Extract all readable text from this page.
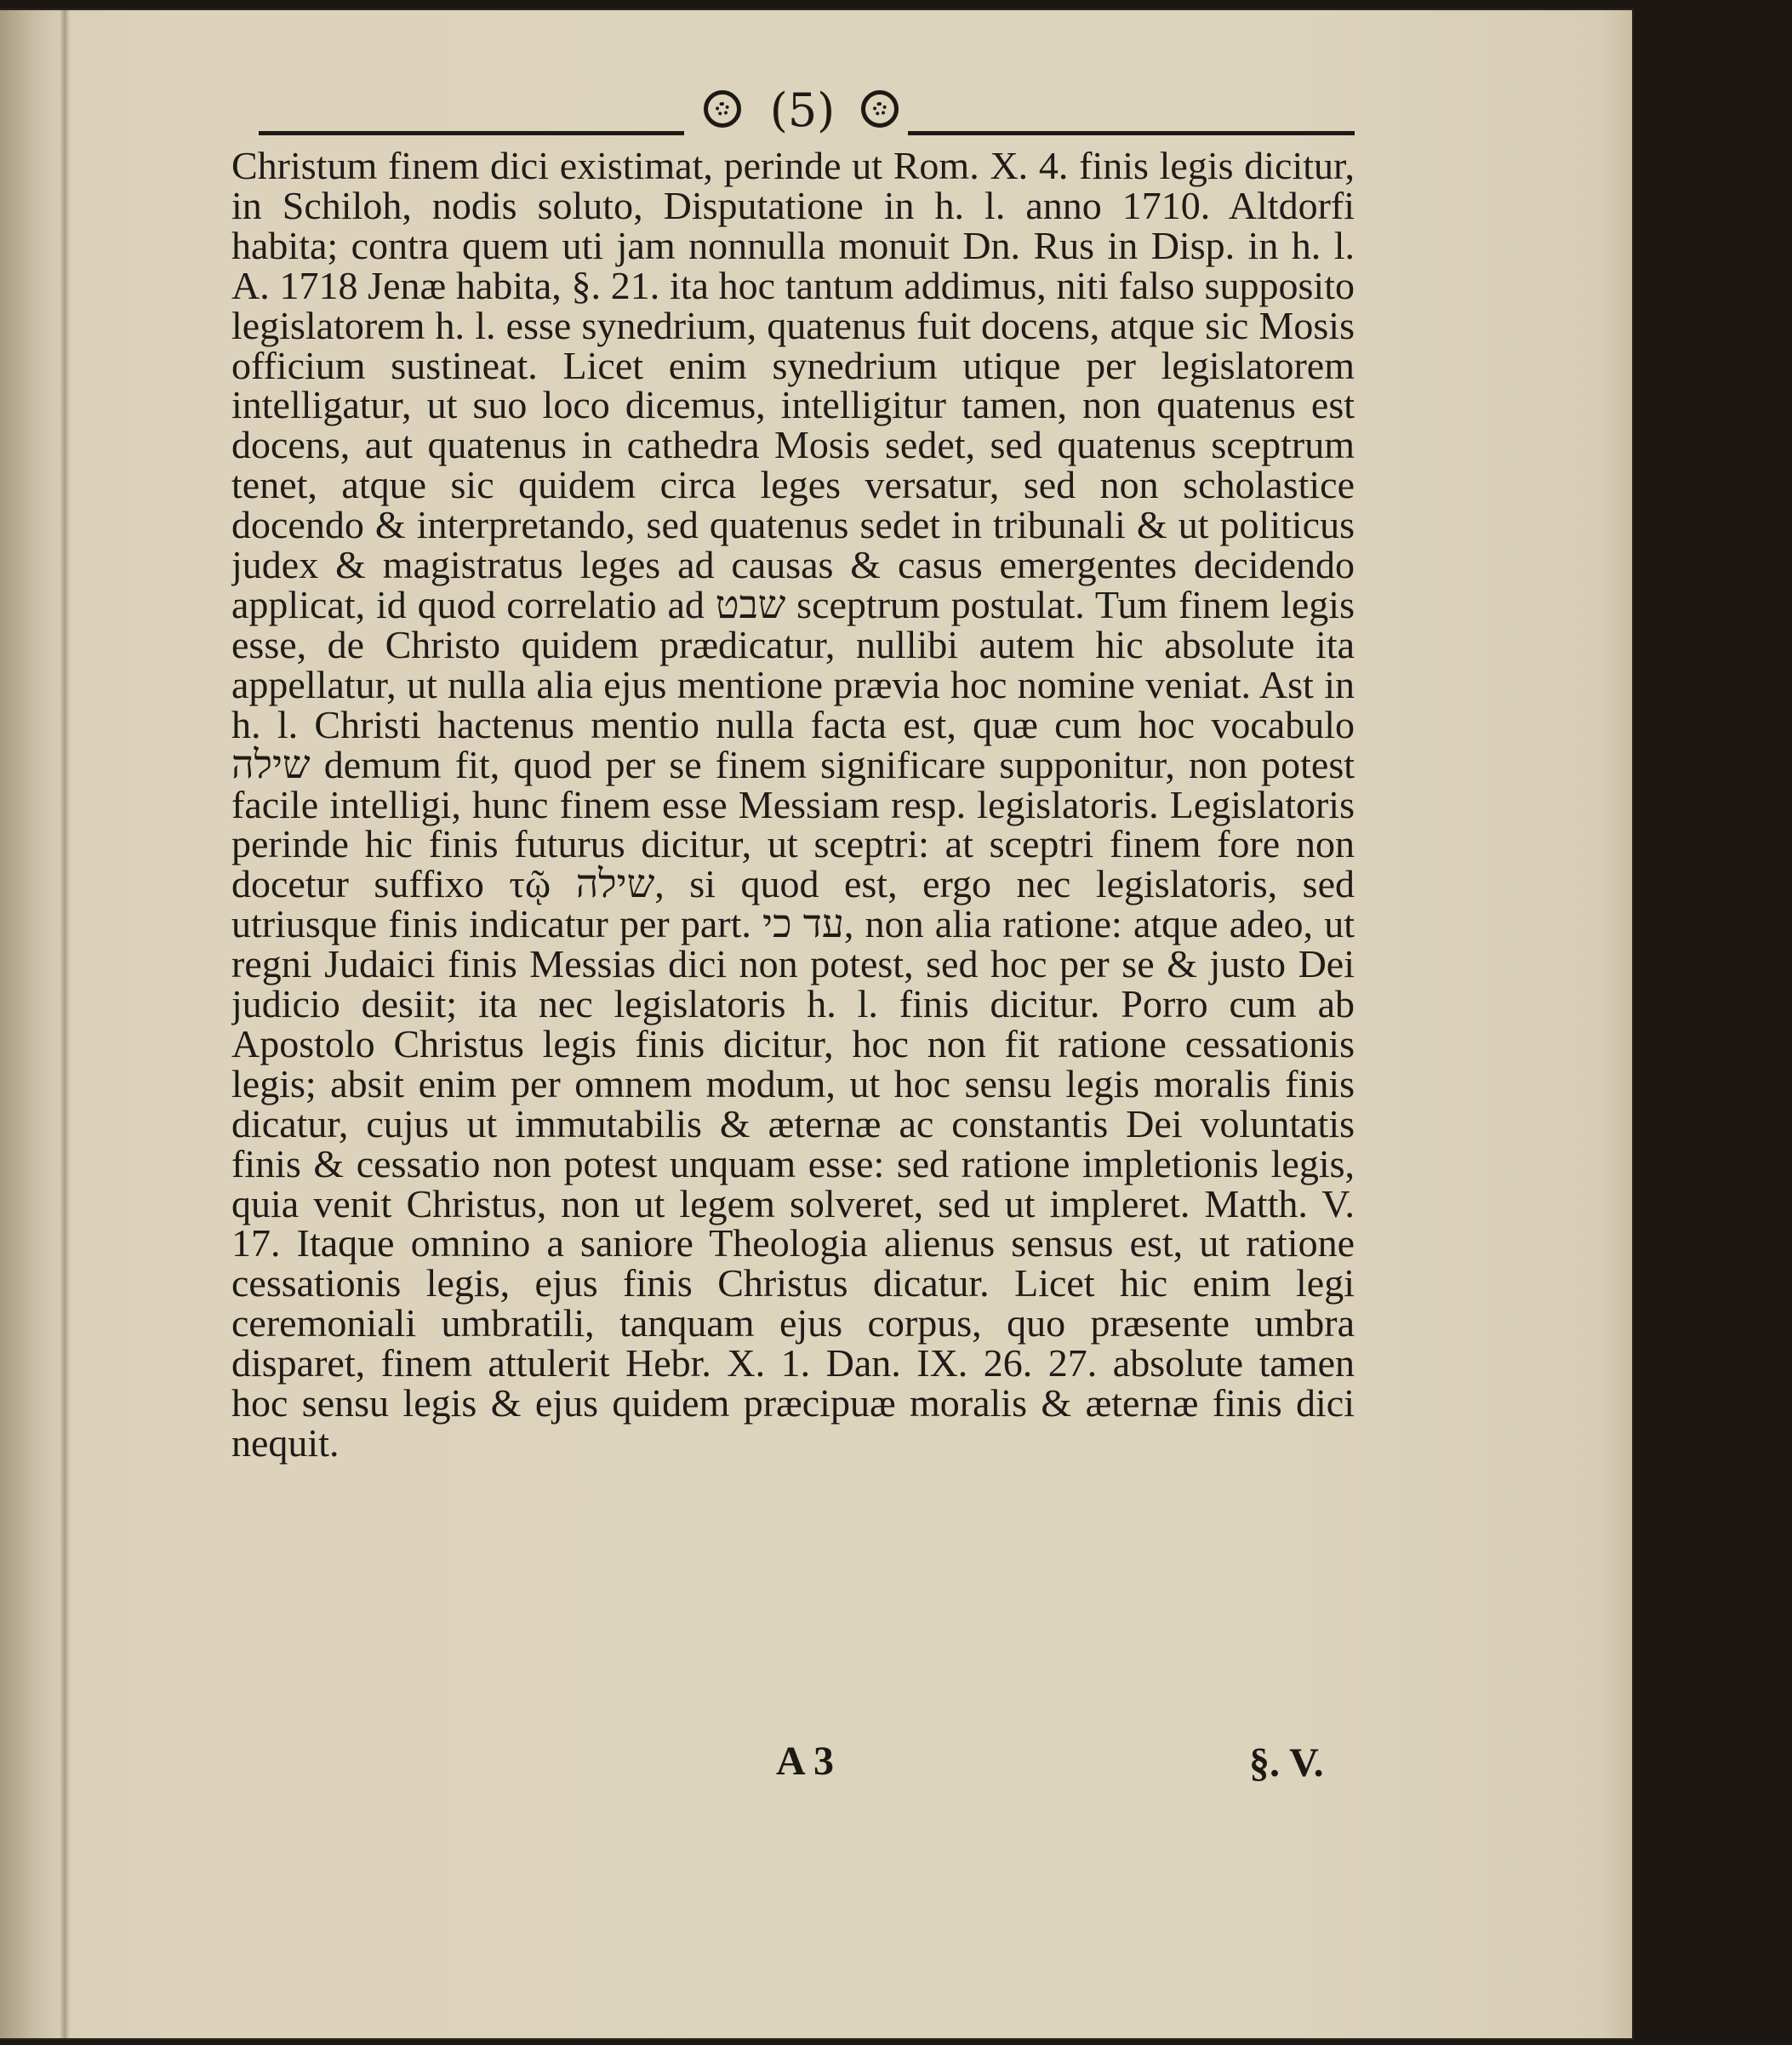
(5)

Christum finem dici existimat, perinde ut Rom. X. 4. finis legis dicitur, in Schiloh, nodis soluto, Disputatione in h. l. anno 1710. Altdorfi habita; contra quem uti jam nonnulla monuit Dn. Rus in Disp. in h. l. A. 1718 Jenæ habita, §. 21. ita hoc tantum addimus, niti falso supposito legislatorem h. l. esse synedrium, quatenus fuit docens, atque sic Mosis officium sustineat. Licet enim synedrium utique per legislatorem intelligatur, ut suo loco dicemus, intelligitur tamen, non quatenus est docens, aut quatenus in cathedra Mosis sedet, sed quatenus sceptrum tenet, atque sic quidem circa leges versatur, sed non scholastice docendo & interpretando, sed quatenus sedet in tribunali & ut politicus judex & magistratus leges ad causas & casus emergentes decidendo applicat, id quod correlatio ad שבט sceptrum postulat. Tum finem legis esse, de Christo quidem prædicatur, nullibi autem hic absolute ita appellatur, ut nulla alia ejus mentione prævia hoc nomine veniat. Ast in h. l. Christi hactenus mentio nulla facta est, quæ cum hoc vocabulo שילה demum fit, quod per se finem significare supponitur, non potest facile intelligi, hunc finem esse Messiam resp. legislatoris. Legislatoris perinde hic finis futurus dicitur, ut sceptri: at sceptri finem fore non docetur suffixo τῷ שילה, si quod est, ergo nec legislatoris, sed utriusque finis indicatur per part. עד כי, non alia ratione: atque adeo, ut regni Judaici finis Messias dici non potest, sed hoc per se & justo Dei judicio desiit; ita nec legislatoris h. l. finis dicitur. Porro cum ab Apostolo Christus legis finis dicitur, hoc non fit ratione cessationis legis; absit enim per omnem modum, ut hoc sensu legis moralis finis dicatur, cujus ut immutabilis & æternæ ac constantis Dei voluntatis finis & cessatio non potest unquam esse: sed ratione impletionis legis, quia venit Christus, non ut legem solveret, sed ut impleret. Matth. V. 17. Itaque omnino a saniore Theologia alienus sensus est, ut ratione cessationis legis, ejus finis Christus dicatur. Licet hic enim legi ceremoniali umbratili, tanquam ejus corpus, quo præsente umbra disparet, finem attulerit Hebr. X. 1. Dan. IX. 26. 27. absolute tamen hoc sensu legis & ejus quidem præcipuæ moralis & æternæ finis dici nequit.

A 3	§. V.
